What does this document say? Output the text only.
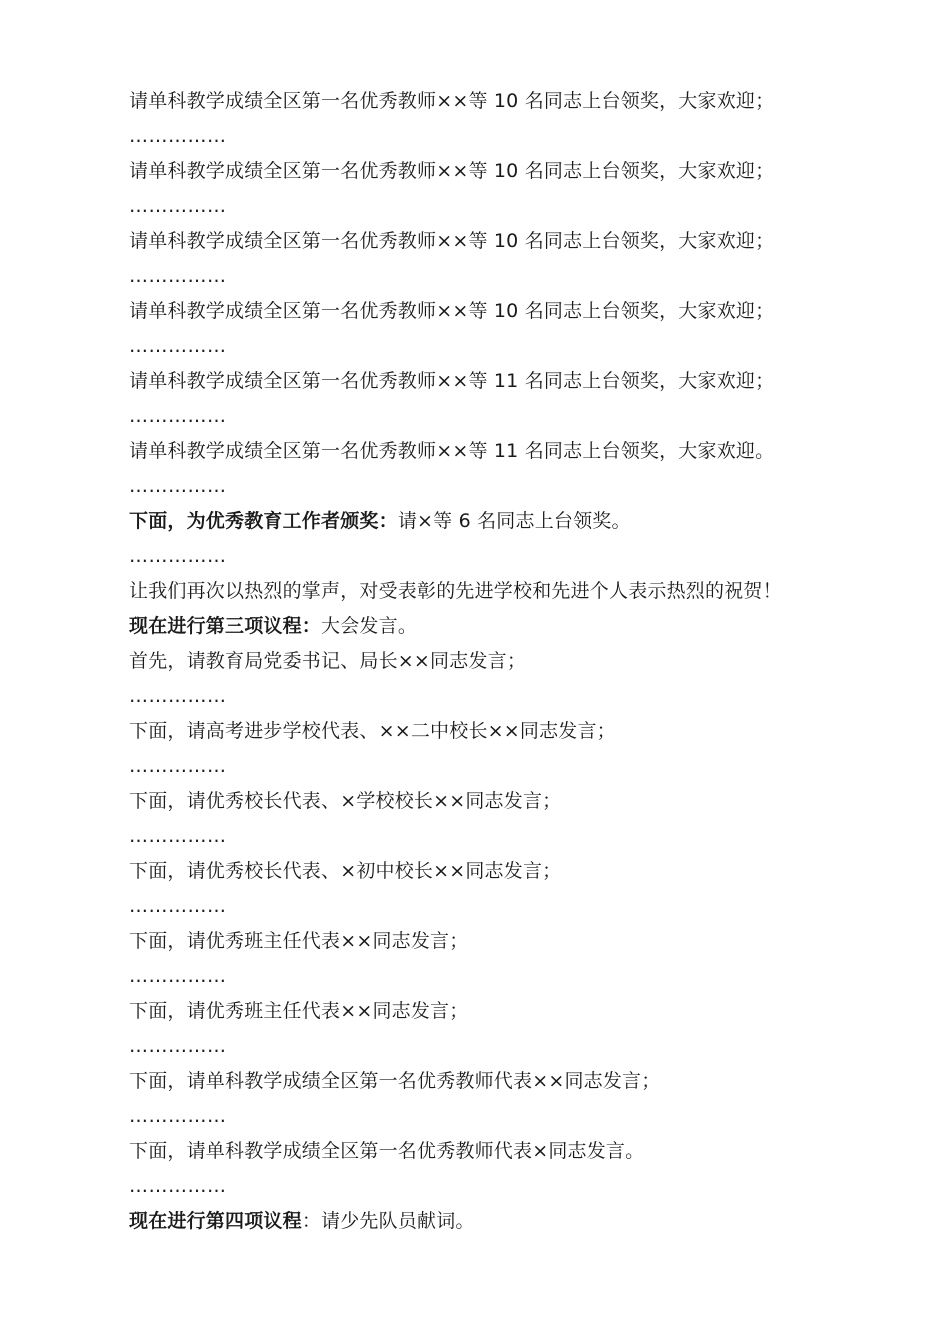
请单科教学成绩全区第一名优秀教师××等 10 名同志上台领奖，大家欢迎；
……………
请单科教学成绩全区第一名优秀教师××等 10 名同志上台领奖，大家欢迎；
……………
请单科教学成绩全区第一名优秀教师××等 10 名同志上台领奖，大家欢迎；
……………
请单科教学成绩全区第一名优秀教师××等 10 名同志上台领奖，大家欢迎；
……………
请单科教学成绩全区第一名优秀教师××等 11 名同志上台领奖，大家欢迎；
……………
请单科教学成绩全区第一名优秀教师××等 11 名同志上台领奖，大家欢迎。
……………
下面，为优秀教育工作者颁奖：请×等 6 名同志上台领奖。
……………
让我们再次以热烈的掌声，对受表彰的先进学校和先进个人表示热烈的祝贺！
现在进行第三项议程：大会发言。
首先，请教育局党委书记、局长××同志发言；
……………
下面，请高考进步学校代表、××二中校长××同志发言；
……………
下面，请优秀校长代表、×学校校长××同志发言；
……………
下面，请优秀校长代表、×初中校长××同志发言；
……………
下面，请优秀班主任代表××同志发言；
……………
下面，请优秀班主任代表××同志发言；
……………
下面，请单科教学成绩全区第一名优秀教师代表××同志发言；
……………
下面，请单科教学成绩全区第一名优秀教师代表×同志发言。
……………
现在进行第四项议程：请少先队员献词。
